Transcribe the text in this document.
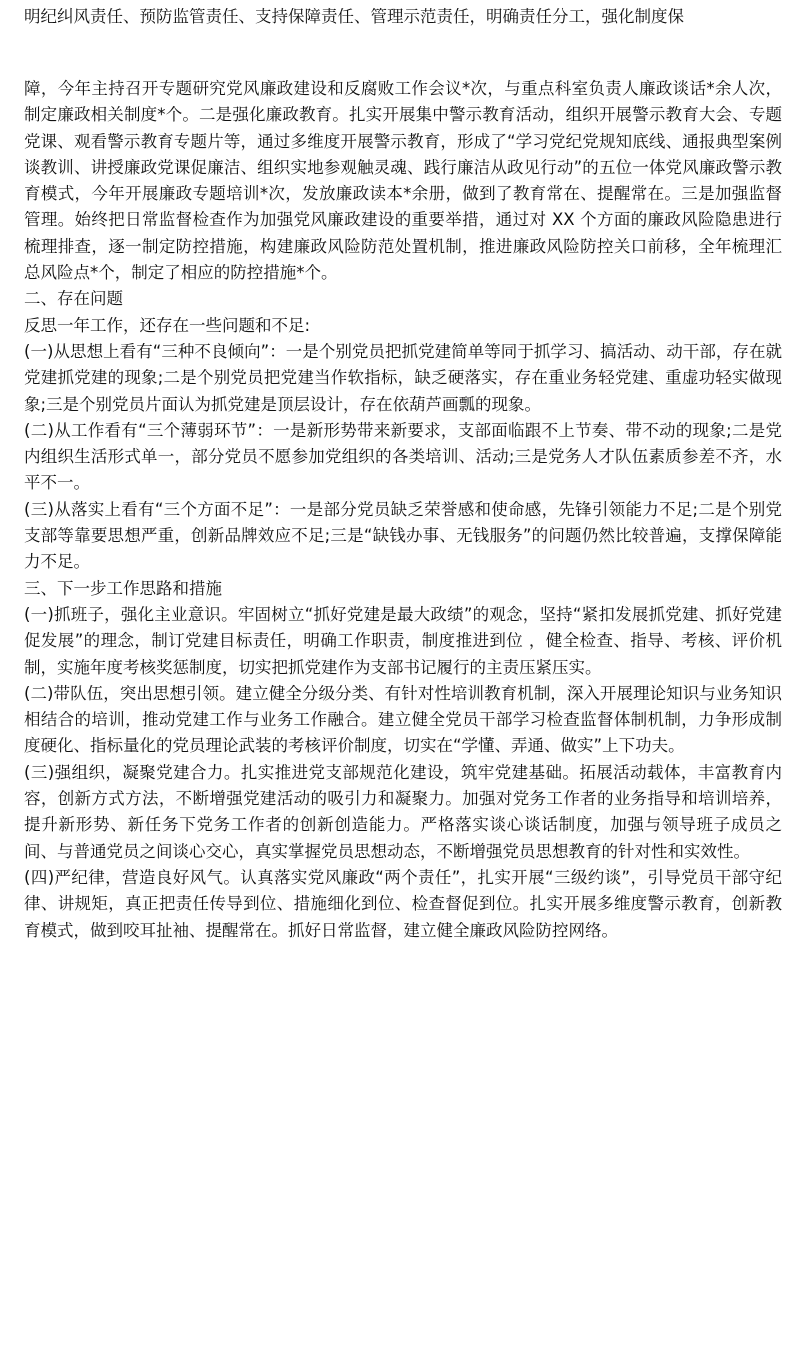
明纪纠风责任、预防监管责任、支持保障责任、管理示范责任，明确责任分工，强化制度保

障，今年主持召开专题研究党风廉政建设和反腐败工作会议*次，与重点科室负责人廉政谈话*余人次，制定廉政相关制度*个。二是强化廉政教育。扎实开展集中警示教育活动，组织开展警示教育大会、专题党课、观看警示教育专题片等，通过多维度开展警示教育，形成了“学习党纪党规知底线、通报典型案例谈教训、讲授廉政党课促廉洁、组织实地参观触灵魂、践行廉洁从政见行动”的五位一体党风廉政警示教育模式，今年开展廉政专题培训*次，发放廉政读本*余册，做到了教育常在、提醒常在。三是加强监督管理。始终把日常监督检查作为加强党风廉政建设的重要举措，通过对 XX 个方面的廉政风险隐患进行梳理排查，逐一制定防控措施，构建廉政风险防范处置机制，推进廉政风险防控关口前移，全年梳理汇总风险点*个，制定了相应的防控措施*个。

二、存在问题

反思一年工作，还存在一些问题和不足:

(一)从思想上看有“三种不良倾向”：一是个别党员把抓党建简单等同于抓学习、搞活动、动干部，存在就党建抓党建的现象;二是个别党员把党建当作软指标，缺乏硬落实，存在重业务轻党建、重虚功轻实做现象;三是个别党员片面认为抓党建是顶层设计，存在依葫芦画瓢的现象。

(二)从工作看有“三个薄弱环节”：一是新形势带来新要求，支部面临跟不上节奏、带不动的现象;二是党内组织生活形式单一，部分党员不愿参加党组织的各类培训、活动;三是党务人才队伍素质参差不齐，水平不一。

(三)从落实上看有“三个方面不足”：一是部分党员缺乏荣誉感和使命感，先锋引领能力不足;二是个别党支部等靠要思想严重，创新品牌效应不足;三是“缺钱办事、无钱服务”的问题仍然比较普遍，支撑保障能力不足。

三、下一步工作思路和措施

(一)抓班子，强化主业意识。牢固树立“抓好党建是最大政绩”的观念，坚持“紧扣发展抓党建、抓好党建促发展”的理念，制订党建目标责任，明确工作职责，制度推进到位 ，健全检查、指导、考核、评价机制，实施年度考核奖惩制度，切实把抓党建作为支部书记履行的主责压紧压实。

(二)带队伍，突出思想引领。建立健全分级分类、有针对性培训教育机制，深入开展理论知识与业务知识相结合的培训，推动党建工作与业务工作融合。建立健全党员干部学习检查监督体制机制，力争形成制度硬化、指标量化的党员理论武装的考核评价制度，切实在“学懂、弄通、做实”上下功夫。

(三)强组织，凝聚党建合力。扎实推进党支部规范化建设，筑牢党建基础。拓展活动载体，丰富教育内容，创新方式方法，不断增强党建活动的吸引力和凝聚力。加强对党务工作者的业务指导和培训培养，提升新形势、新任务下党务工作者的创新创造能力。严格落实谈心谈话制度，加强与领导班子成员之间、与普通党员之间谈心交心，真实掌握党员思想动态，不断增强党员思想教育的针对性和实效性。

(四)严纪律，营造良好风气。认真落实党风廉政“两个责任”，扎实开展“三级约谈”，引导党员干部守纪律、讲规矩，真正把责任传导到位、措施细化到位、检查督促到位。扎实开展多维度警示教育，创新教育模式，做到咬耳扯袖、提醒常在。抓好日常监督，建立健全廉政风险防控网络。
